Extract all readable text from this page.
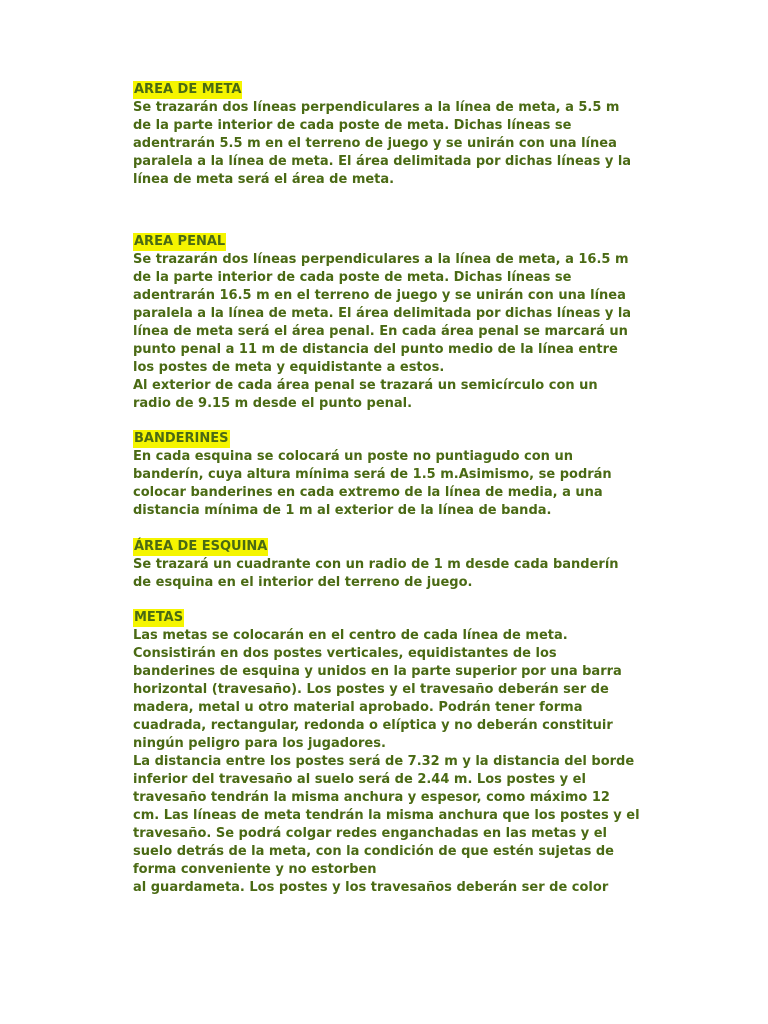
AREA DE META
Se trazarán dos líneas perpendiculares a la línea de meta, a 5.5 m
de la parte interior de cada poste de meta. Dichas líneas se
adentrarán 5.5 m en el terreno de juego y se unirán con una línea
paralela a la línea de meta. El área delimitada por dichas líneas y la
línea de meta será el área de meta.
AREA PENAL
Se trazarán dos líneas perpendiculares a la línea de meta, a 16.5 m
de la parte interior de cada poste de meta. Dichas líneas se
adentrarán 16.5 m en el terreno de juego y se unirán con una línea
paralela a la línea de meta. El área delimitada por dichas líneas y la
línea de meta será el área penal. En cada área penal se marcará un
punto penal a 11 m de distancia del punto medio de la línea entre
los postes de meta y equidistante a estos.
Al exterior de cada área penal se trazará un semicírculo con un
radio de 9.15 m desde el punto penal.
BANDERINES
En cada esquina se colocará un poste no puntiagudo con un
banderín, cuya altura mínima será de 1.5 m.Asimismo, se podrán
colocar banderines en cada extremo de la línea de media, a una
distancia mínima de 1 m al exterior de la línea de banda.
ÁREA DE ESQUINA
Se trazará un cuadrante con un radio de 1 m desde cada banderín
de esquina en el interior del terreno de juego.
METAS
Las metas se colocarán en el centro de cada línea de meta.
Consistirán en dos postes verticales, equidistantes de los
banderines de esquina y unidos en la parte superior por una barra
horizontal (travesaño). Los postes y el travesaño deberán ser de
madera, metal u otro material aprobado. Podrán tener forma
cuadrada, rectangular, redonda o elíptica y no deberán constituir
ningún peligro para los jugadores.
La distancia entre los postes será de 7.32 m y la distancia del borde
inferior del travesaño al suelo será de 2.44 m. Los postes y el
travesaño tendrán la misma anchura y espesor, como máximo 12
cm. Las líneas de meta tendrán la misma anchura que los postes y el
travesaño. Se podrá colgar redes enganchadas en las metas y el
suelo detrás de la meta, con la condición de que estén sujetas de
forma conveniente y no estorben
al guardameta. Los postes y los travesaños deberán ser de color
